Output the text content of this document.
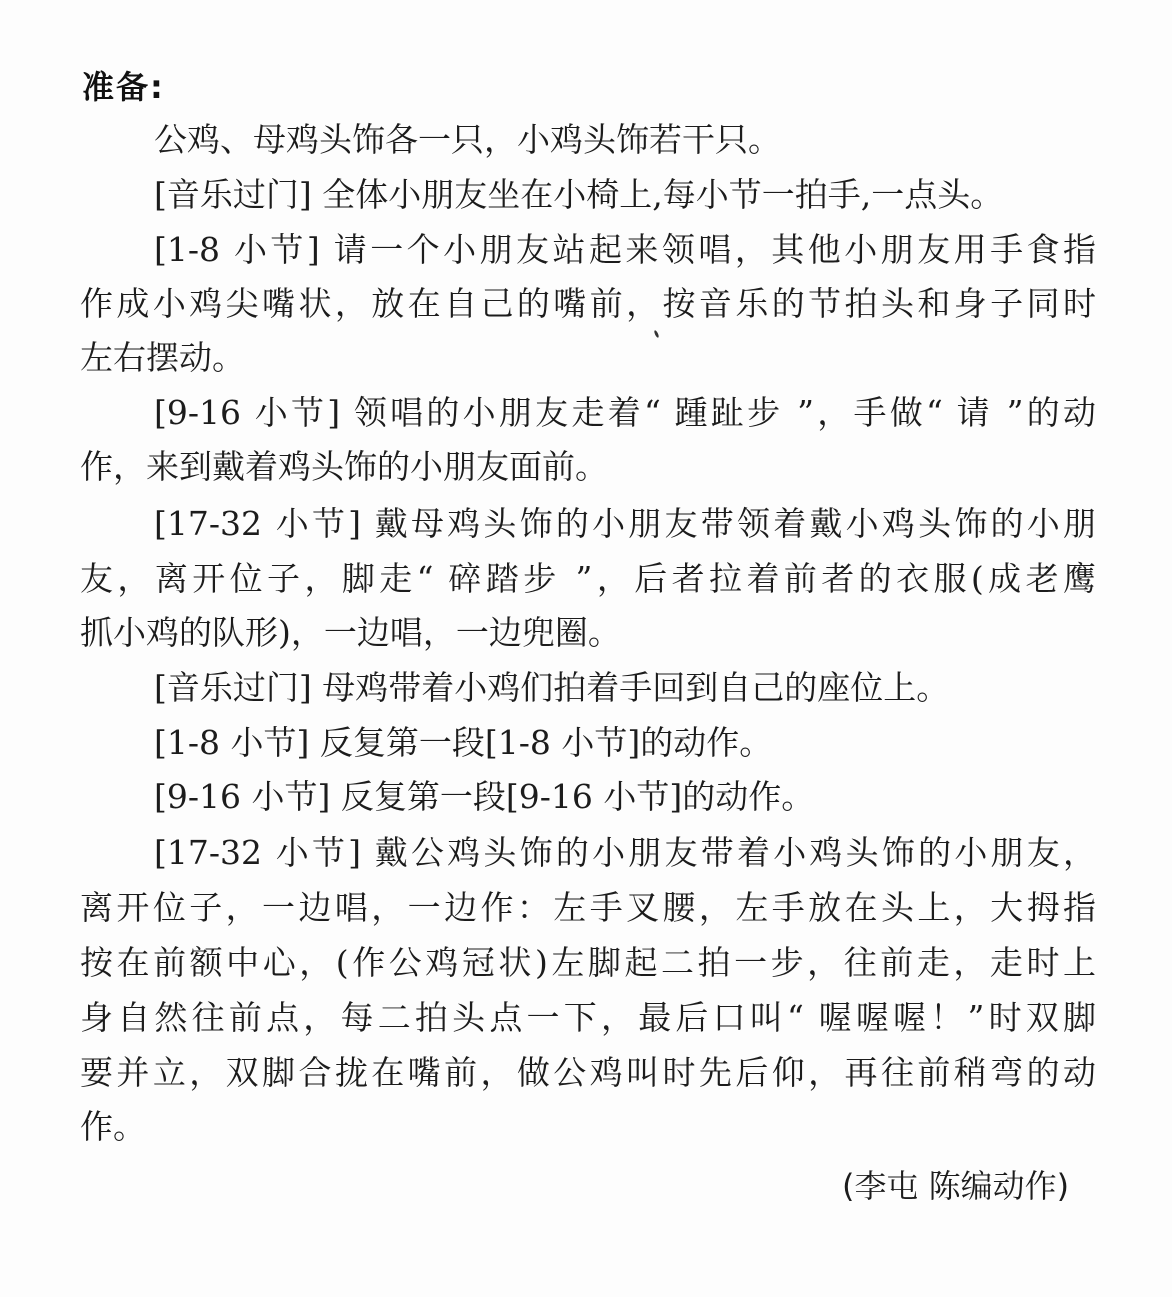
准备:
公鸡、母鸡头饰各一只，小鸡头饰若干只。
[音乐过门] 全体小朋友坐在小椅上,每小节一拍手,一点头。
[1-8 小节] 请一个小朋友站起来领唱，其他小朋友用手食指
作成小鸡尖嘴状，放在自己的嘴前，按音乐的节拍头和身子同时
左右摆动。
[9-16 小节] 领唱的小朋友走着“ 踵趾步 ”，手做“ 请 ”的动
作，来到戴着鸡头饰的小朋友面前。
[17-32 小节] 戴母鸡头饰的小朋友带领着戴小鸡头饰的小朋
友，离开位子，脚走“ 碎踏步 ”，后者拉着前者的衣服(成老鹰
抓小鸡的队形)，一边唱，一边兜圈。
[音乐过门] 母鸡带着小鸡们拍着手回到自己的座位上。
[1-8 小节] 反复第一段[1-8 小节]的动作。
[9-16 小节] 反复第一段[9-16 小节]的动作。
[17-32 小节] 戴公鸡头饰的小朋友带着小鸡头饰的小朋友，
离开位子，一边唱，一边作：左手叉腰，左手放在头上，大拇指
按在前额中心，(作公鸡冠状)左脚起二拍一步，往前走，走时上
身自然往前点，每二拍头点一下，最后口叫“ 喔喔喔！”时双脚
要并立，双脚合拢在嘴前，做公鸡叫时先后仰，再往前稍弯的动
作。
(李屯 陈编动作)
